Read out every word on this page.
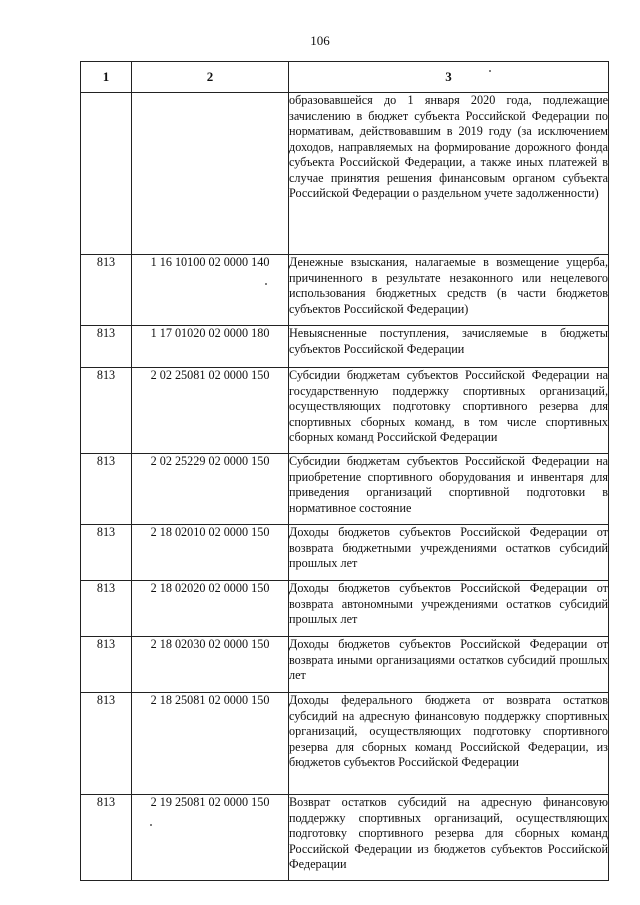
106
1	2	3
		образовавшейся до 1 января 2020 года, подлежащие зачислению в бюджет субъекта Российской Федерации по нормативам, действовавшим в 2019 году (за исключением доходов, направляемых на формирование дорожного фонда субъекта Российской Федерации, а также иных платежей в случае принятия решения финансовым органом субъекта Российской Федерации о раздельном учете задолженности)
813	1 16 10100 02 0000 140	Денежные взыскания, налагаемые в возмещение ущерба, причиненного в результате незаконного или нецелевого использования бюджетных средств (в части бюджетов субъектов Российской Федерации)
813	1 17 01020 02 0000 180	Невыясненные поступления, зачисляемые в бюджеты субъектов Российской Федерации
813	2 02 25081 02 0000 150	Субсидии бюджетам субъектов Российской Федерации на государственную поддержку спортивных организаций, осуществляющих подготовку спортивного резерва для спортивных сборных команд, в том числе спортивных сборных команд Российской Федерации
813	2 02 25229 02 0000 150	Субсидии бюджетам субъектов Российской Федерации на приобретение спортивного оборудования и инвентаря для приведения организаций спортивной подготовки в нормативное состояние
813	2 18 02010 02 0000 150	Доходы бюджетов субъектов Российской Федерации от возврата бюджетными учреждениями остатков субсидий прошлых лет
813	2 18 02020 02 0000 150	Доходы бюджетов субъектов Российской Федерации от возврата автономными учреждениями остатков субсидий прошлых лет
813	2 18 02030 02 0000 150	Доходы бюджетов субъектов Российской Федерации от возврата иными организациями остатков субсидий прошлых лет
813	2 18 25081 02 0000 150	Доходы федерального бюджета от возврата остатков субсидий на адресную финансовую поддержку спортивных организаций, осуществляющих подготовку спортивного резерва для сборных команд Российской Федерации, из бюджетов субъектов Российской Федерации
813	2 19 25081 02 0000 150	Возврат остатков субсидий на адресную финансовую поддержку спортивных организаций, осуществляющих подготовку спортивного резерва для сборных команд Российской Федерации из бюджетов субъектов Российской Федерации
